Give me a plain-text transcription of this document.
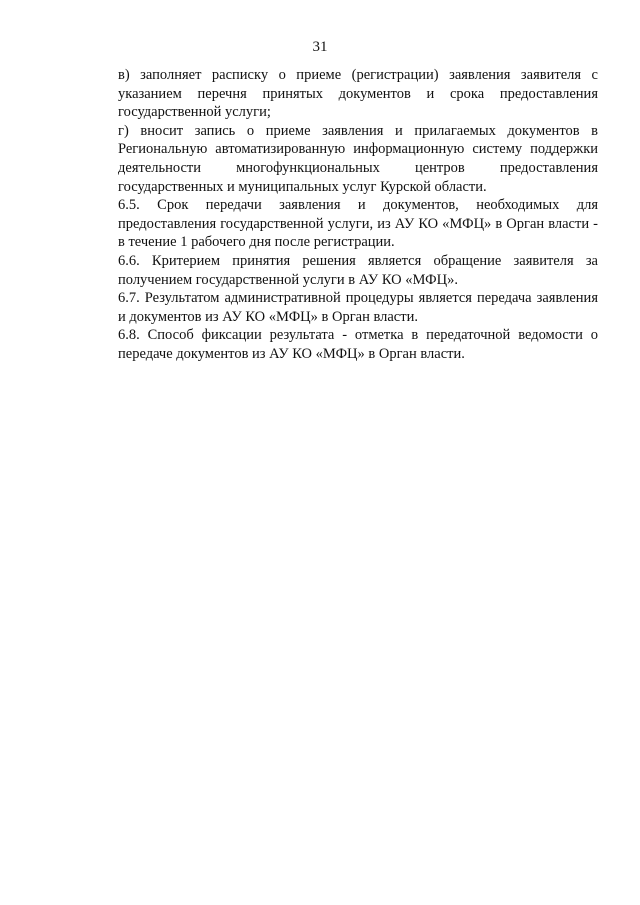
31

в) заполняет расписку о приеме (регистрации) заявления заявителя с указанием перечня принятых документов и срока предоставления государственной услуги;

г) вносит запись о приеме заявления и прилагаемых документов в Региональную автоматизированную информационную систему поддержки деятельности многофункциональных центров предоставления государственных и муниципальных услуг Курской области.

6.5. Срок передачи заявления и документов, необходимых для предоставления государственной услуги, из АУ КО «МФЦ» в Орган власти - в течение 1 рабочего дня после регистрации.

6.6. Критерием принятия решения является обращение заявителя за получением государственной услуги в АУ КО «МФЦ».

6.7. Результатом административной процедуры является передача заявления и документов из АУ КО «МФЦ» в Орган власти.

6.8. Способ фиксации результата - отметка в передаточной ведомости о передаче документов из АУ КО «МФЦ» в Орган власти.
